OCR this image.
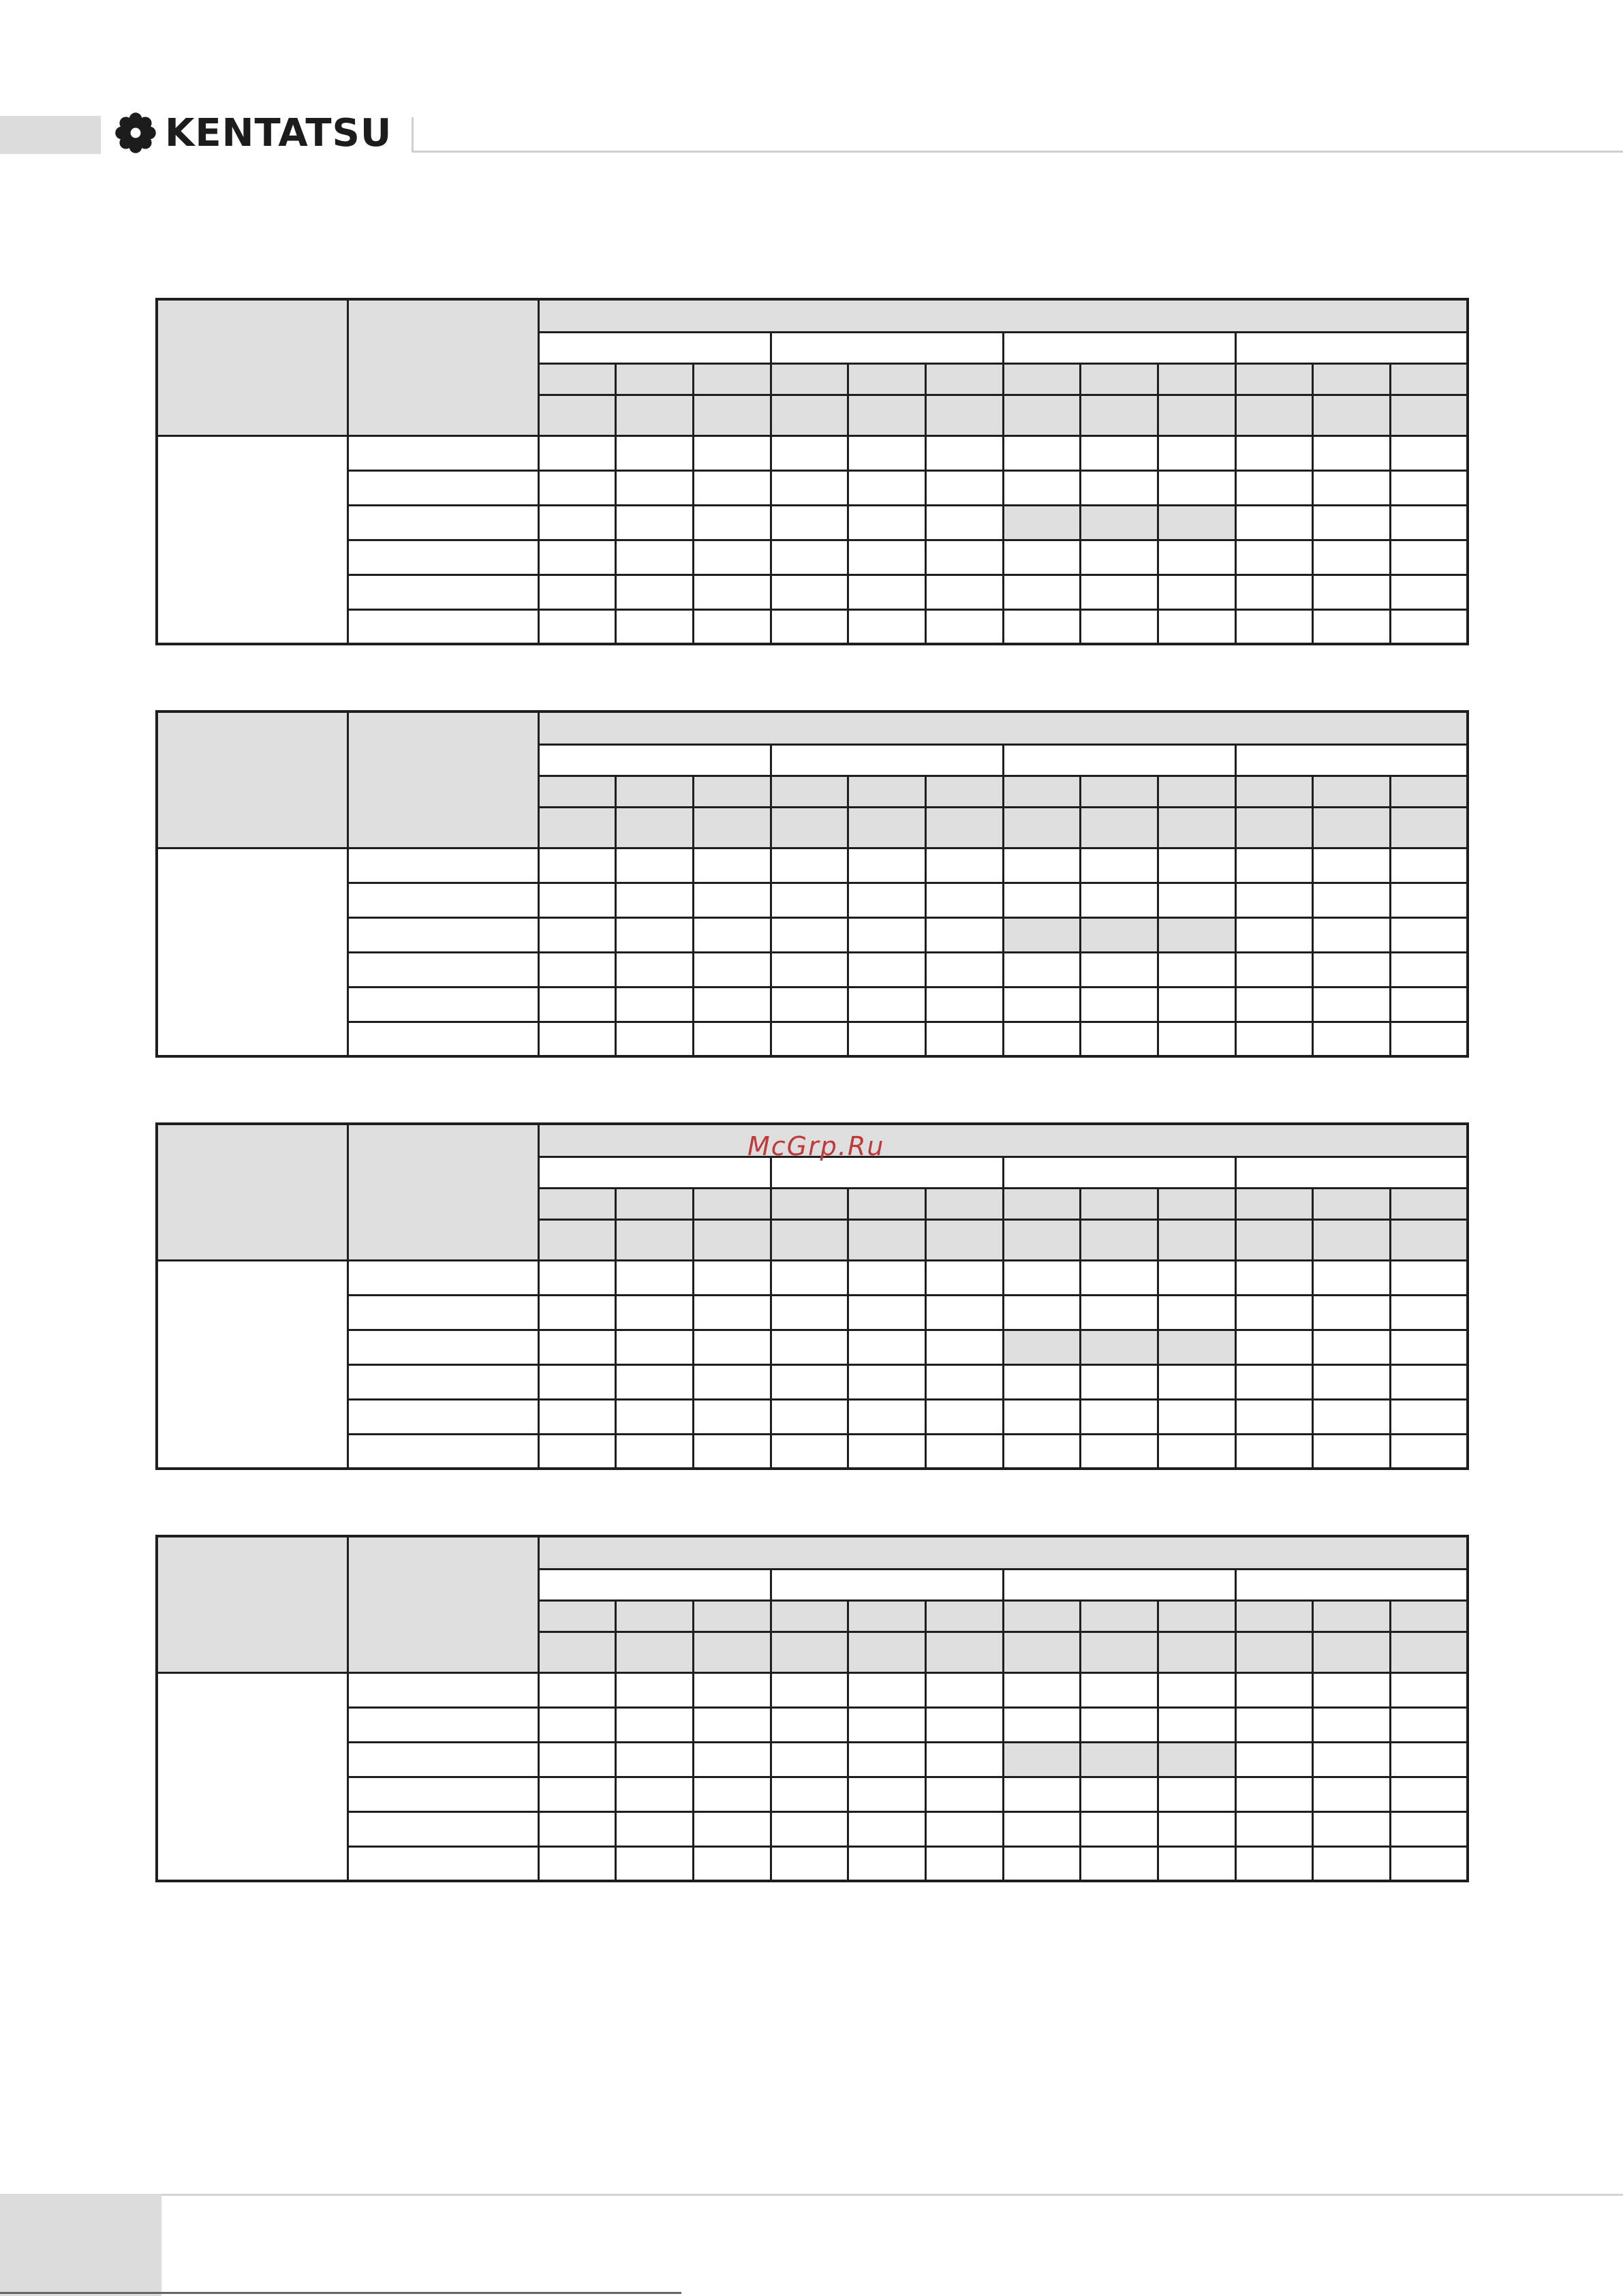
KENTATSU

McGrp.Ru
